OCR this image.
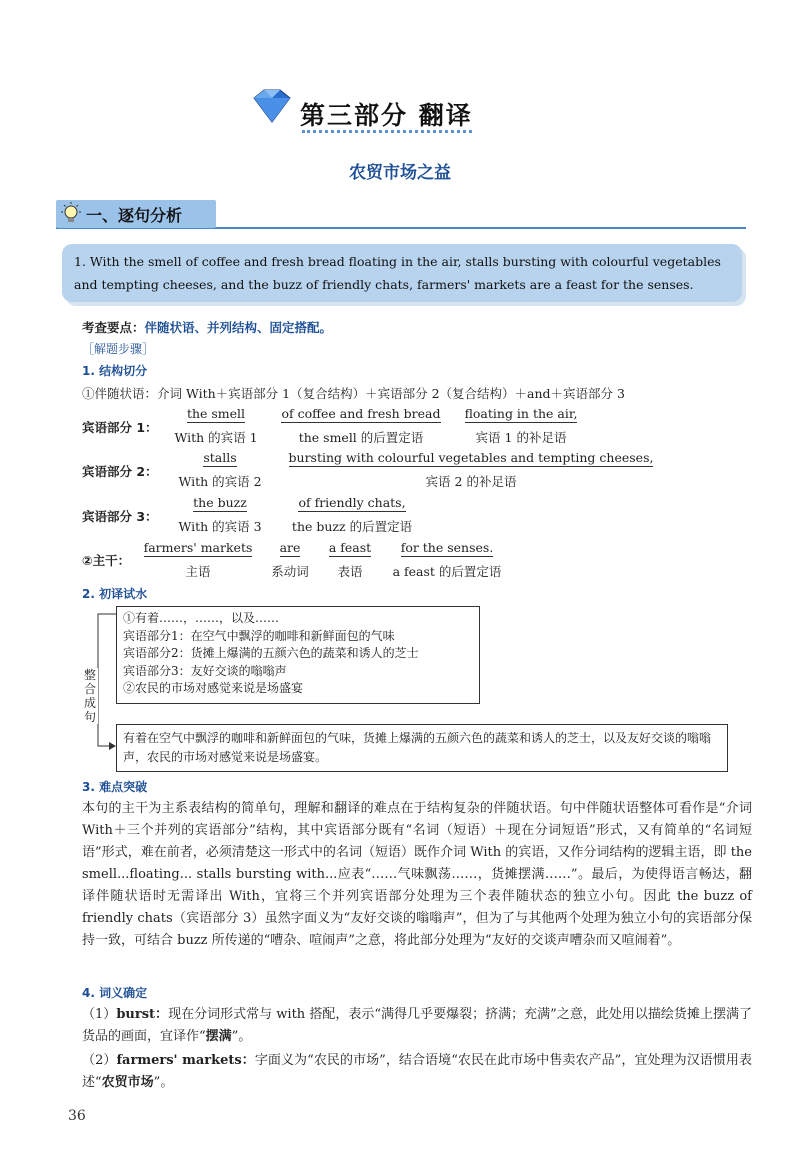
第三部分 翻译
农贸市场之益
一、逐句分析
1. With the smell of coffee and fresh bread floating in the air, stalls bursting with colourful vegetables and tempting cheeses, and the buzz of friendly chats, farmers' markets are a feast for the senses.
考查要点：伴随状语、并列结构、固定搭配。
［解题步骤］
1. 结构切分
①伴随状语：介词 With＋宾语部分 1（复合结构）＋宾语部分 2（复合结构）＋and＋宾语部分 3
宾语部分 1：
the smell	of coffee and fresh bread	floating in the air,
With 的宾语 1	the smell 的后置定语	宾语 1 的补足语
宾语部分 2：
stalls	bursting with colourful vegetables and tempting cheeses,
With 的宾语 2	宾语 2 的补足语
宾语部分 3：
the buzz	of friendly chats,
With 的宾语 3	the buzz 的后置定语
②主干：
farmers' markets	are	a feast	for the senses.
主语	系动词	表语	a feast 的后置定语
2. 初译试水
①有着……，……，以及……
宾语部分1：在空气中飘浮的咖啡和新鲜面包的气味
宾语部分2：货摊上爆满的五颜六色的蔬菜和诱人的芝士
宾语部分3：友好交谈的嗡嗡声
②农民的市场对感觉来说是场盛宴
整
合
成
句
有着在空气中飘浮的咖啡和新鲜面包的气味，货摊上爆满的五颜六色的蔬菜和诱人的芝士，以及友好交谈的嗡嗡声，农民的市场对感觉来说是场盛宴。
3. 难点突破
本句的主干为主系表结构的简单句，理解和翻译的难点在于结构复杂的伴随状语。句中伴随状语整体可看作是“介词 With＋三个并列的宾语部分”结构，其中宾语部分既有“名词（短语）＋现在分词短语”形式，又有简单的“名词短语”形式，难在前者，必须清楚这一形式中的名词（短语）既作介词 With 的宾语，又作分词结构的逻辑主语，即 the smell...floating... stalls bursting with...应表“……气味飘荡……，货摊摆满……”。最后，为使得语言畅达，翻译伴随状语时无需译出 With，宜将三个并列宾语部分处理为三个表伴随状态的独立小句。因此 the buzz of friendly chats（宾语部分 3）虽然字面义为“友好交谈的嗡嗡声”，但为了与其他两个处理为独立小句的宾语部分保持一致，可结合 buzz 所传递的“嘈杂、喧闹声”之意，将此部分处理为“友好的交谈声嘈杂而又喧闹着”。
4. 词义确定
（1）burst：现在分词形式常与 with 搭配，表示“满得几乎要爆裂；挤满；充满”之意，此处用以描绘货摊上摆满了货品的画面，宜译作“摆满”。
（2）farmers' markets：字面义为“农民的市场”，结合语境“农民在此市场中售卖农产品”，宜处理为汉语惯用表述“农贸市场”。
36
